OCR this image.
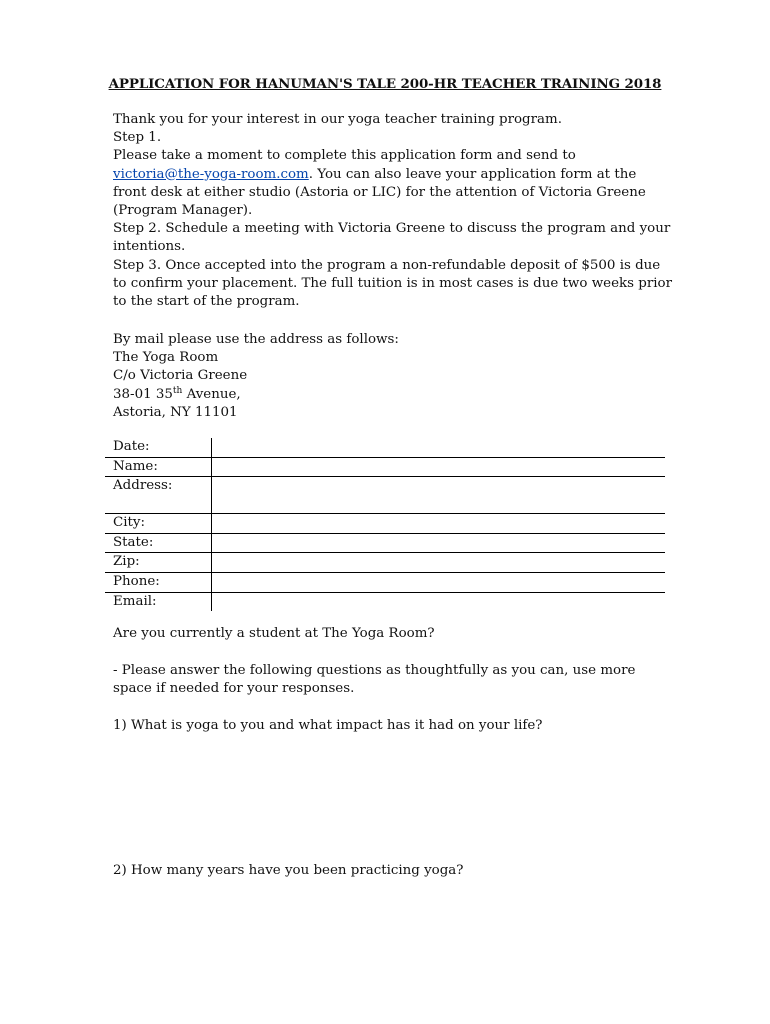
APPLICATION FOR HANUMAN'S TALE 200-HR TEACHER TRAINING 2018

Thank you for your interest in our yoga teacher training program.

Step 1.

Please take a moment to complete this application form and send to
victoria@the-yoga-room.com. You can also leave your application form at the front desk at either studio (Astoria or LIC) for the attention of Victoria Greene (Program Manager).

Step 2. Schedule a meeting with Victoria Greene to discuss the program and your intentions.

Step 3. Once accepted into the program a non-refundable deposit of $500 is due to confirm your placement. The full tuition is in most cases is due two weeks prior to the start of the program.

By mail please use the address as follows:

The Yoga Room

C/o Victoria Greene

38-01 35th Avenue,

Astoria, NY 11101

Date:	
Name:	
Address:	
City:	
State:	
Zip:	
Phone:	
Email:	

Are you currently a student at The Yoga Room?

- Please answer the following questions as thoughtfully as you can, use more space if needed for your responses.

1) What is yoga to you and what impact has it had on your life?

2) How many years have you been practicing yoga?
